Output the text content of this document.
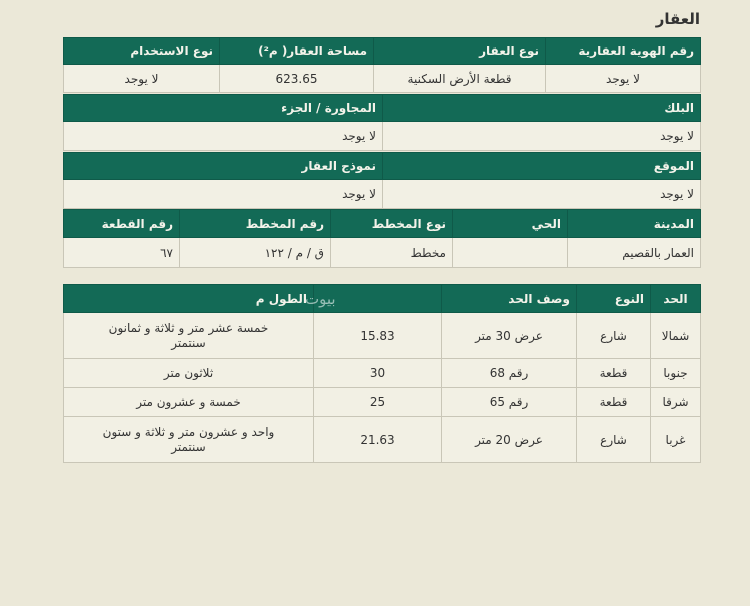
العقار
رقم الهوية العقارية	نوع العقار	مساحة العقار( م²)	نوع الاستخدام
لا يوجد	قطعة الأرض السكنية	623.65	لا يوجد
البلك	المجاورة / الجزء
لا يوجد	لا يوجد
الموقع	نموذج العقار
لا يوجد	لا يوجد
المدينة	الحي	نوع المخطط	رقم المخطط	رقم القطعة
العمار بالقصيم		مخطط	ق / م / ١٢٢	٦٧
الحد	النوع	وصف الحد		الطول م
شمالا	شارع	عرض 30 متر	15.83	خمسة عشر متر و ثلاثة و ثمانون
سنتمتر

جنوبا	قطعة	رقم 68	30	ثلاثون متر
شرقا	قطعة	رقم 65	25	خمسة و عشرون متر
غربا	شارع	عرض 20 متر	21.63	واحد و عشرون متر و ثلاثة و ستون
سنتمتر
بيوت
